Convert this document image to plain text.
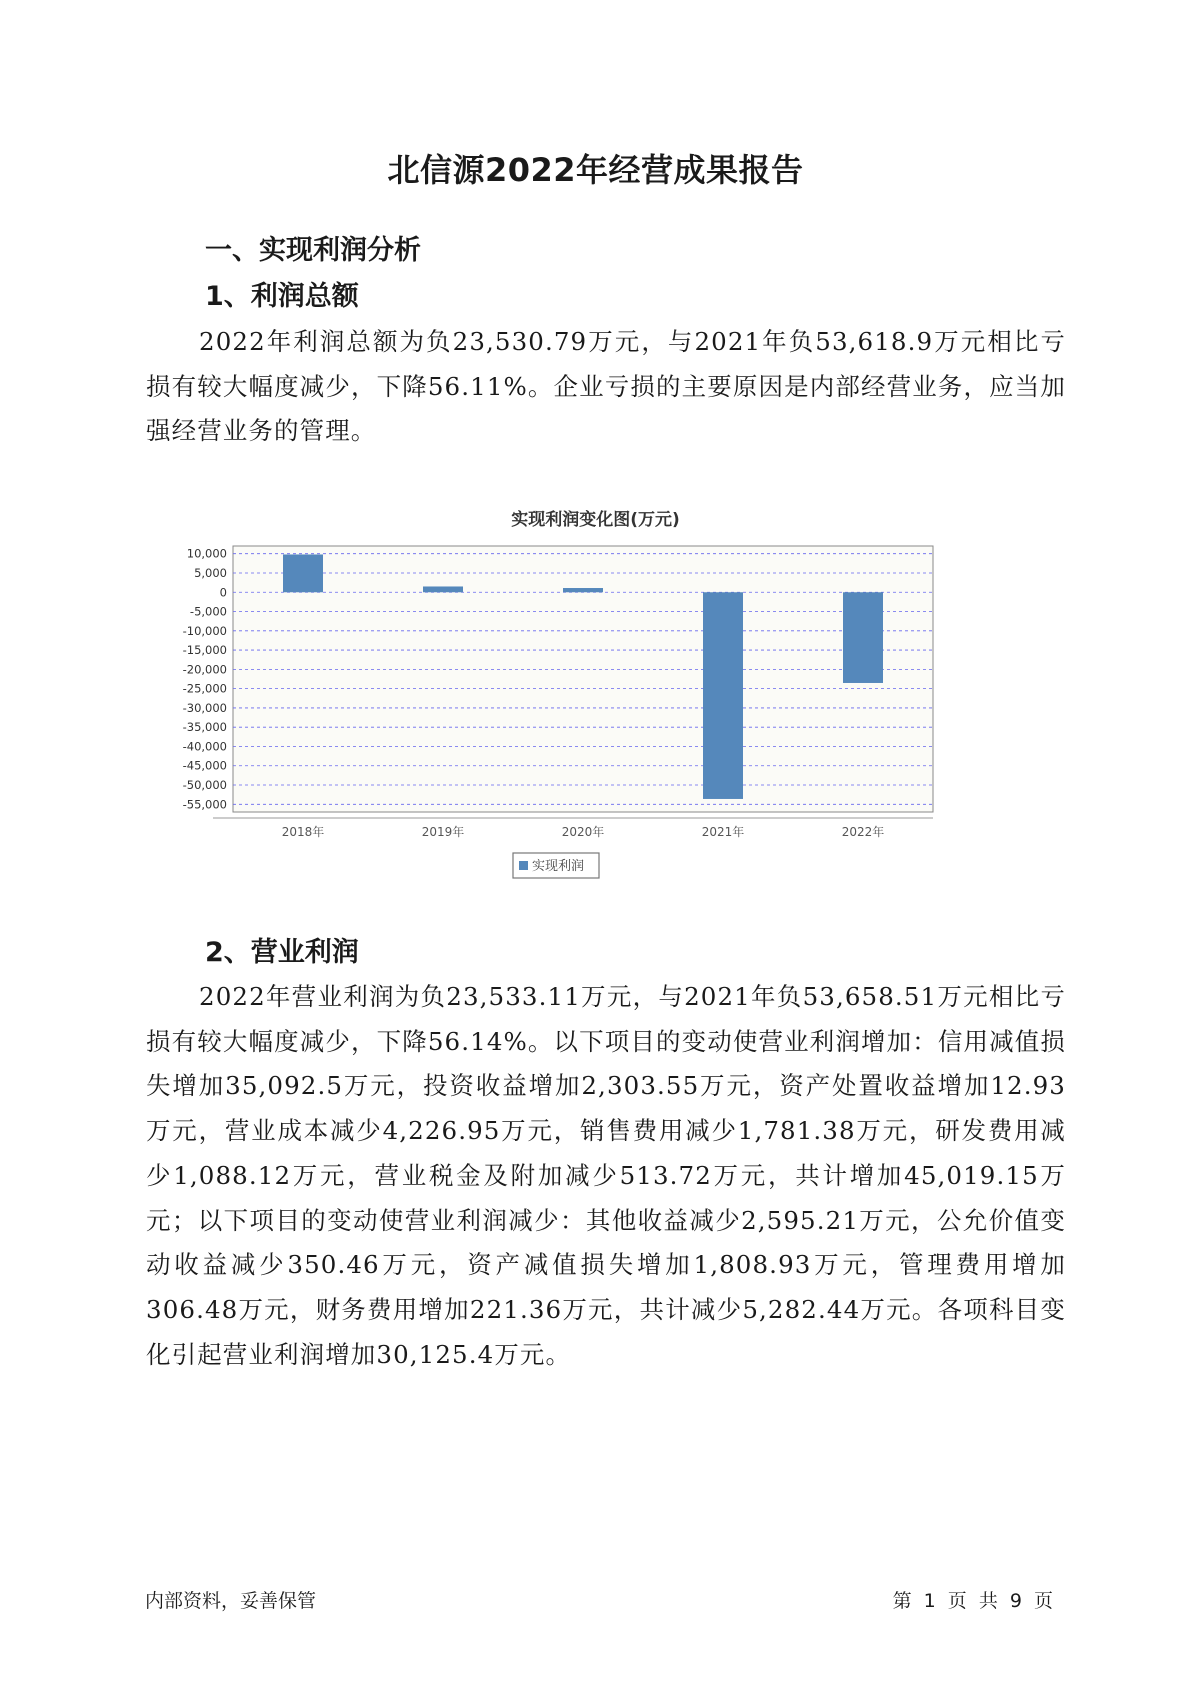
北信源2022年经营成果报告
一、实现利润分析
1、利润总额
2022年利润总额为负23,530.79万元，与2021年负53,618.9万元相比亏损有较大幅度减少，下降56.11%。企业亏损的主要原因是内部经营业务，应当加强经营业务的管理。
实现利润变化图(万元)
10,000
5,000
0
-5,000
-10,000
-15,000
-20,000
-25,000
-30,000
-35,000
-40,000
-45,000
-50,000
-55,000
2018年	2019年	2020年	2021年	2022年
实现利润
2、营业利润
2022年营业利润为负23,533.11万元，与2021年负53,658.51万元相比亏损有较大幅度减少，下降56.14%。以下项目的变动使营业利润增加：信用减值损失增加35,092.5万元，投资收益增加2,303.55万元，资产处置收益增加12.93万元，营业成本减少4,226.95万元，销售费用减少1,781.38万元，研发费用减少1,088.12万元，营业税金及附加减少513.72万元，共计增加45,019.15万元；以下项目的变动使营业利润减少：其他收益减少2,595.21万元，公允价值变动收益减少350.46万元，资产减值损失增加1,808.93万元，管理费用增加306.48万元，财务费用增加221.36万元，共计减少5,282.44万元。各项科目变化引起营业利润增加30,125.4万元。
内部资料，妥善保管	第 1 页 共 9 页
